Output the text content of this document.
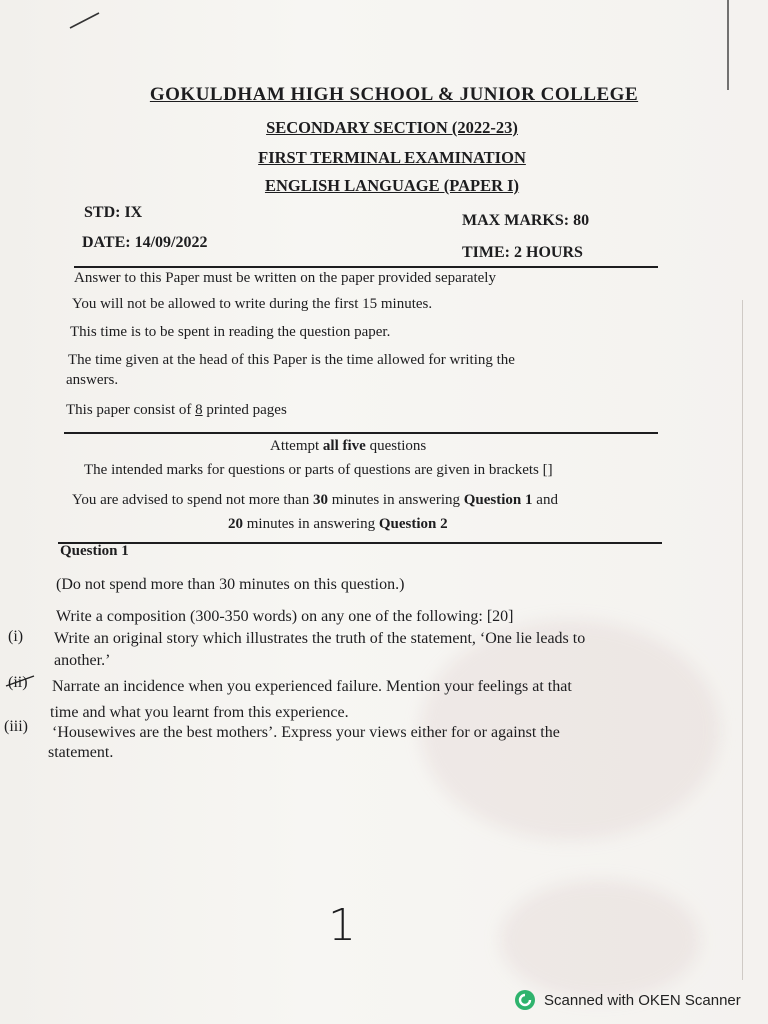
GOKULDHAM HIGH SCHOOL & JUNIOR COLLEGE
SECONDARY SECTION (2022-23)
FIRST TERMINAL EXAMINATION
ENGLISH LANGUAGE (PAPER I)
STD: IX	MAX MARKS: 80
DATE: 14/09/2022
TIME: 2 HOURS
Answer to this Paper must be written on the paper provided separately
You will not be allowed to write during the first 15 minutes.
This time is to be spent in reading the question paper.
The time given at the head of this Paper is the time allowed for writing the
answers.
This paper consist of 8 printed pages
Attempt all five questions
The intended marks for questions or parts of questions are given in brackets []
You are advised to spend not more than 30 minutes in answering Question 1 and
20 minutes in answering Question 2
Question 1
(Do not spend more than 30 minutes on this question.)
Write a composition (300-350 words) on any one of the following: [20]
(i) Write an original story which illustrates the truth of the statement, ‘One lie leads to
another.’
(ii) Narrate an incidence when you experienced failure. Mention your feelings at that
time and what you learnt from this experience.
(iii) ‘Housewives are the best mothers’. Express your views either for or against the
statement.
1
Scanned with OKEN Scanner
